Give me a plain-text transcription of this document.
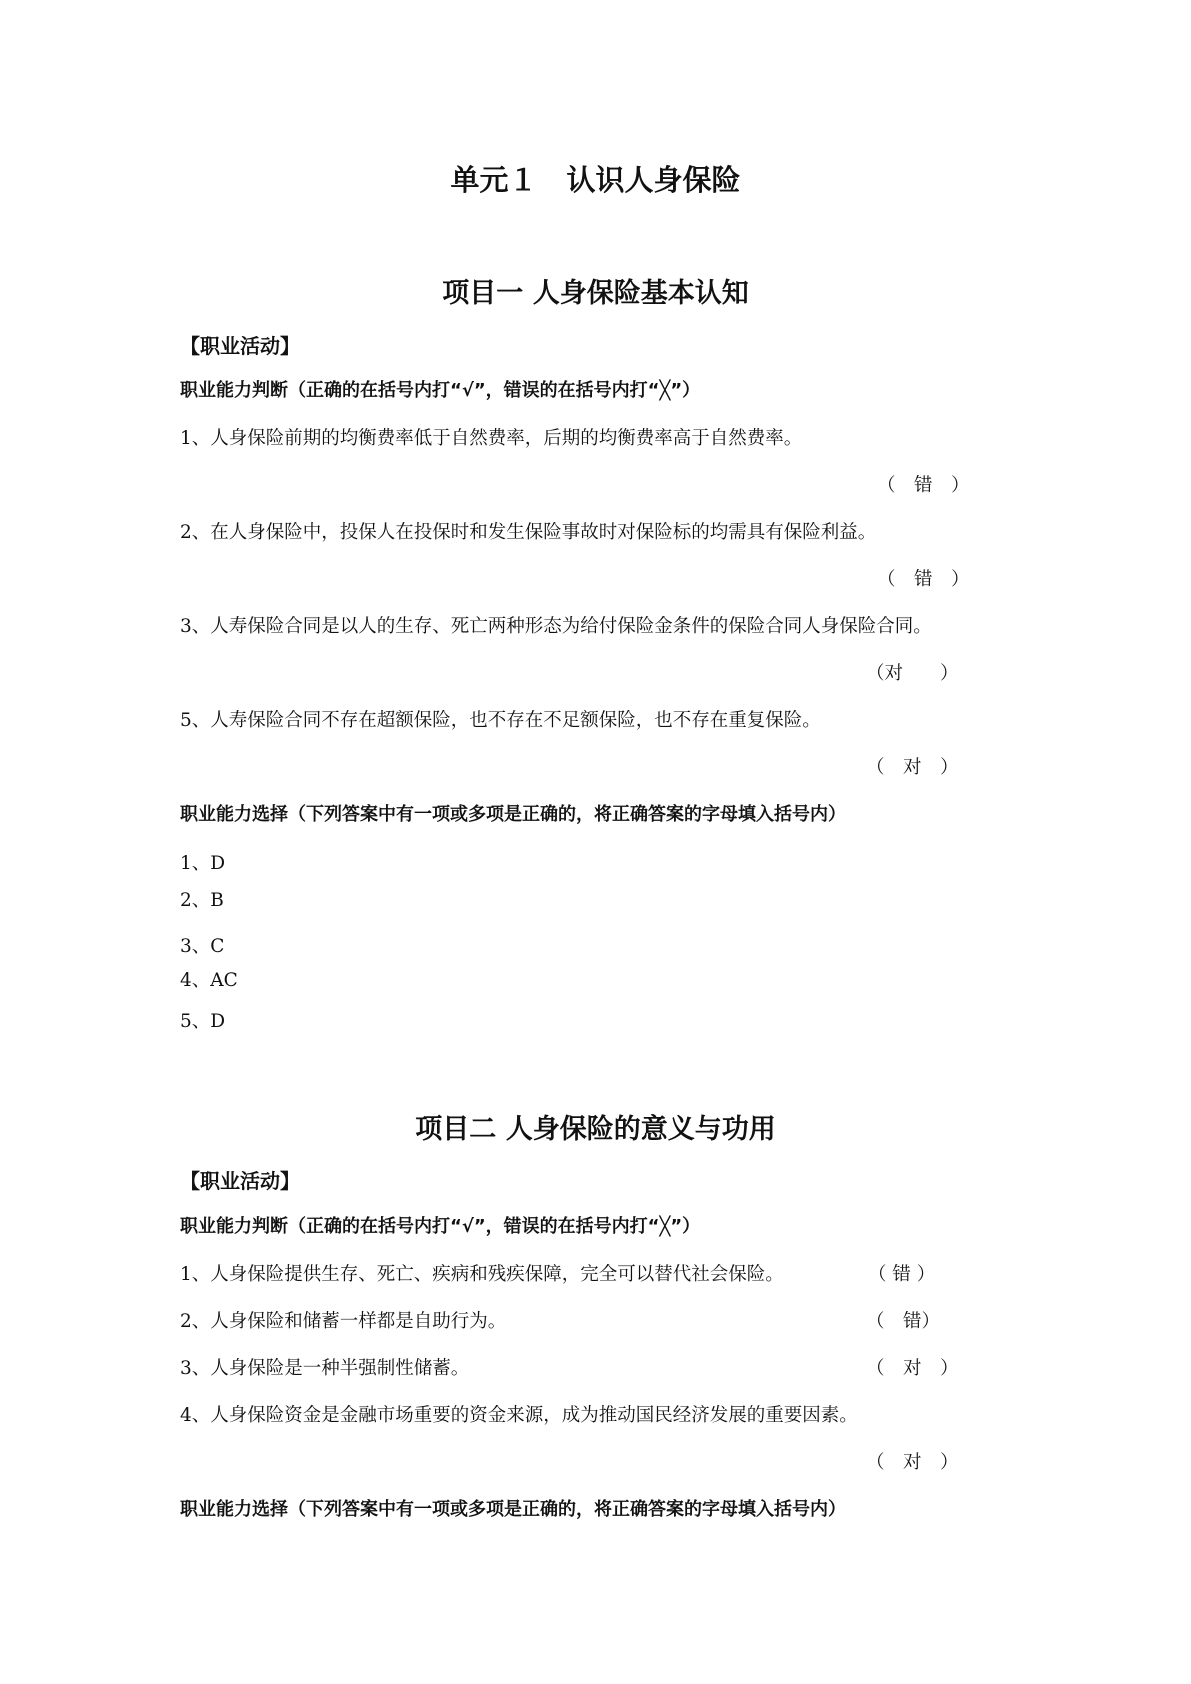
单元１　认识人身保险
项目一 人身保险基本认知
【职业活动】
职业能力判断（正确的在括号内打“√”，错误的在括号内打“╳”）
1、人身保险前期的均衡费率低于自然费率，后期的均衡费率高于自然费率。
（　错　）
2、在人身保险中，投保人在投保时和发生保险事故时对保险标的均需具有保险利益。
（　错　）
3、人寿保险合同是以人的生存、死亡两种形态为给付保险金条件的保险合同人身保险合同。
（对　　）
5、人寿保险合同不存在超额保险，也不存在不足额保险，也不存在重复保险。
（　对　）
职业能力选择（下列答案中有一项或多项是正确的，将正确答案的字母填入括号内）
1、D
2、B
3、C
4、AC
5、D
项目二 人身保险的意义与功用
【职业活动】
职业能力判断（正确的在括号内打“√”，错误的在括号内打“╳”）
1、人身保险提供生存、死亡、疾病和残疾保障，完全可以替代社会保险。	（ 错 ）
2、人身保险和储蓄一样都是自助行为。	（　错）
3、人身保险是一种半强制性储蓄。	（　对　）
4、人身保险资金是金融市场重要的资金来源，成为推动国民经济发展的重要因素。
（　对　）
职业能力选择（下列答案中有一项或多项是正确的，将正确答案的字母填入括号内）
